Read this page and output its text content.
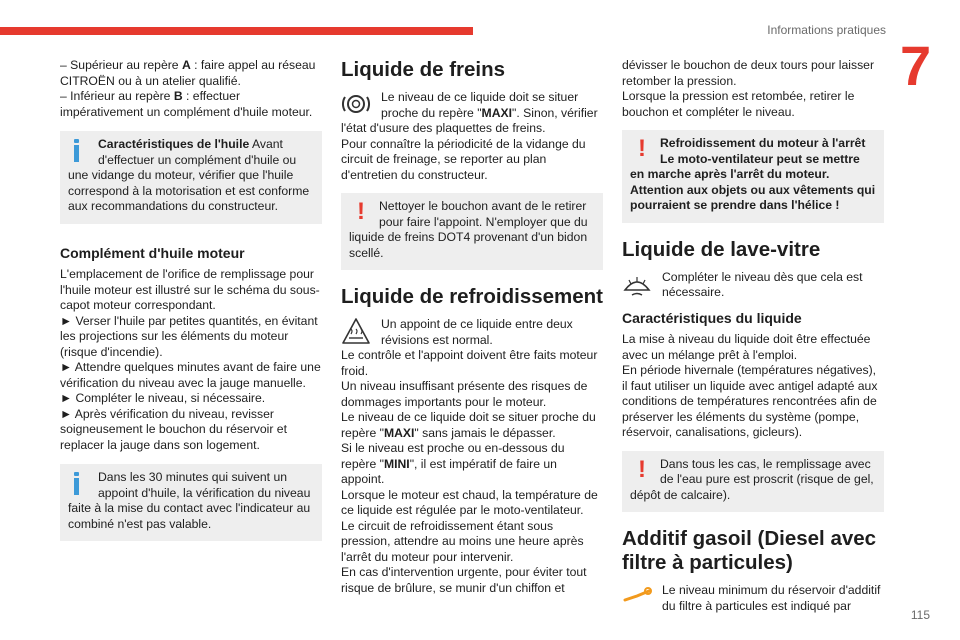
Informations pratiques
7
115

– Supérieur au repère A : faire appel au réseau CITROËN ou à un atelier qualifié.

– Inférieur au repère B : effectuer impérativement un complément d'huile moteur.

Caractéristiques de l'huile Avant d'effectuer un complément d'huile ou une vidange du moteur, vérifier que l'huile correspond à la motorisation et est conforme aux recommandations du constructeur.
Complément d'huile moteur

L'emplacement de l'orifice de remplissage pour l'huile moteur est illustré sur le schéma du sous-capot moteur correspondant.

► Verser l'huile par petites quantités, en évitant les projections sur les éléments du moteur (risque d'incendie).

► Attendre quelques minutes avant de faire une vérification du niveau avec la jauge manuelle.

► Compléter le niveau, si nécessaire.

► Après vérification du niveau, revisser soigneusement le bouchon du réservoir et replacer la jauge dans son logement.

Dans les 30 minutes qui suivent un appoint d'huile, la vérification du niveau faite à la mise du contact avec l'indicateur au combiné n'est pas valable.
Liquide de freins

Le niveau de ce liquide doit se situer proche du repère "MAXI". Sinon, vérifier l'état d'usure des plaquettes de freins.

Pour connaître la périodicité de la vidange du circuit de freinage, se reporter au plan d'entretien du constructeur.

!	Nettoyer le bouchon avant de le retirer pour faire l'appoint. N'employer que du liquide de freins DOT4 provenant d'un bidon scellé.
Liquide de refroidissement

Un appoint de ce liquide entre deux révisions est normal.

Le contrôle et l'appoint doivent être faits moteur froid.

Un niveau insuffisant présente des risques de dommages importants pour le moteur.

Le niveau de ce liquide doit se situer proche du repère "MAXI" sans jamais le dépasser.

Si le niveau est proche ou en-dessous du repère "MINI", il est impératif de faire un appoint.

Lorsque le moteur est chaud, la température de ce liquide est régulée par le moto-ventilateur.

Le circuit de refroidissement étant sous pression, attendre au moins une heure après l'arrêt du moteur pour intervenir.

En cas d'intervention urgente, pour éviter tout risque de brûlure, se munir d'un chiffon et

dévisser le bouchon de deux tours pour laisser retomber la pression.

Lorsque la pression est retombée, retirer le bouchon et compléter le niveau.

!	Refroidissement du moteur à l'arrêt Le moto-ventilateur peut se mettre en marche après l'arrêt du moteur. Attention aux objets ou aux vêtements qui pourraient se prendre dans l'hélice !
Liquide de lave-vitre

Compléter le niveau dès que cela est nécessaire.

Caractéristiques du liquide

La mise à niveau du liquide doit être effectuée avec un mélange prêt à l'emploi.

En période hivernale (températures négatives), il faut utiliser un liquide avec antigel adapté aux conditions de températures rencontrées afin de préserver les éléments du système (pompe, réservoir, canalisations, gicleurs).

!	Dans tous les cas, le remplissage avec de l'eau pure est proscrit (risque de gel, dépôt de calcaire).
Additif gasoil (Diesel avec filtre à particules)

Le niveau minimum du réservoir d'additif du filtre à particules est indiqué par
